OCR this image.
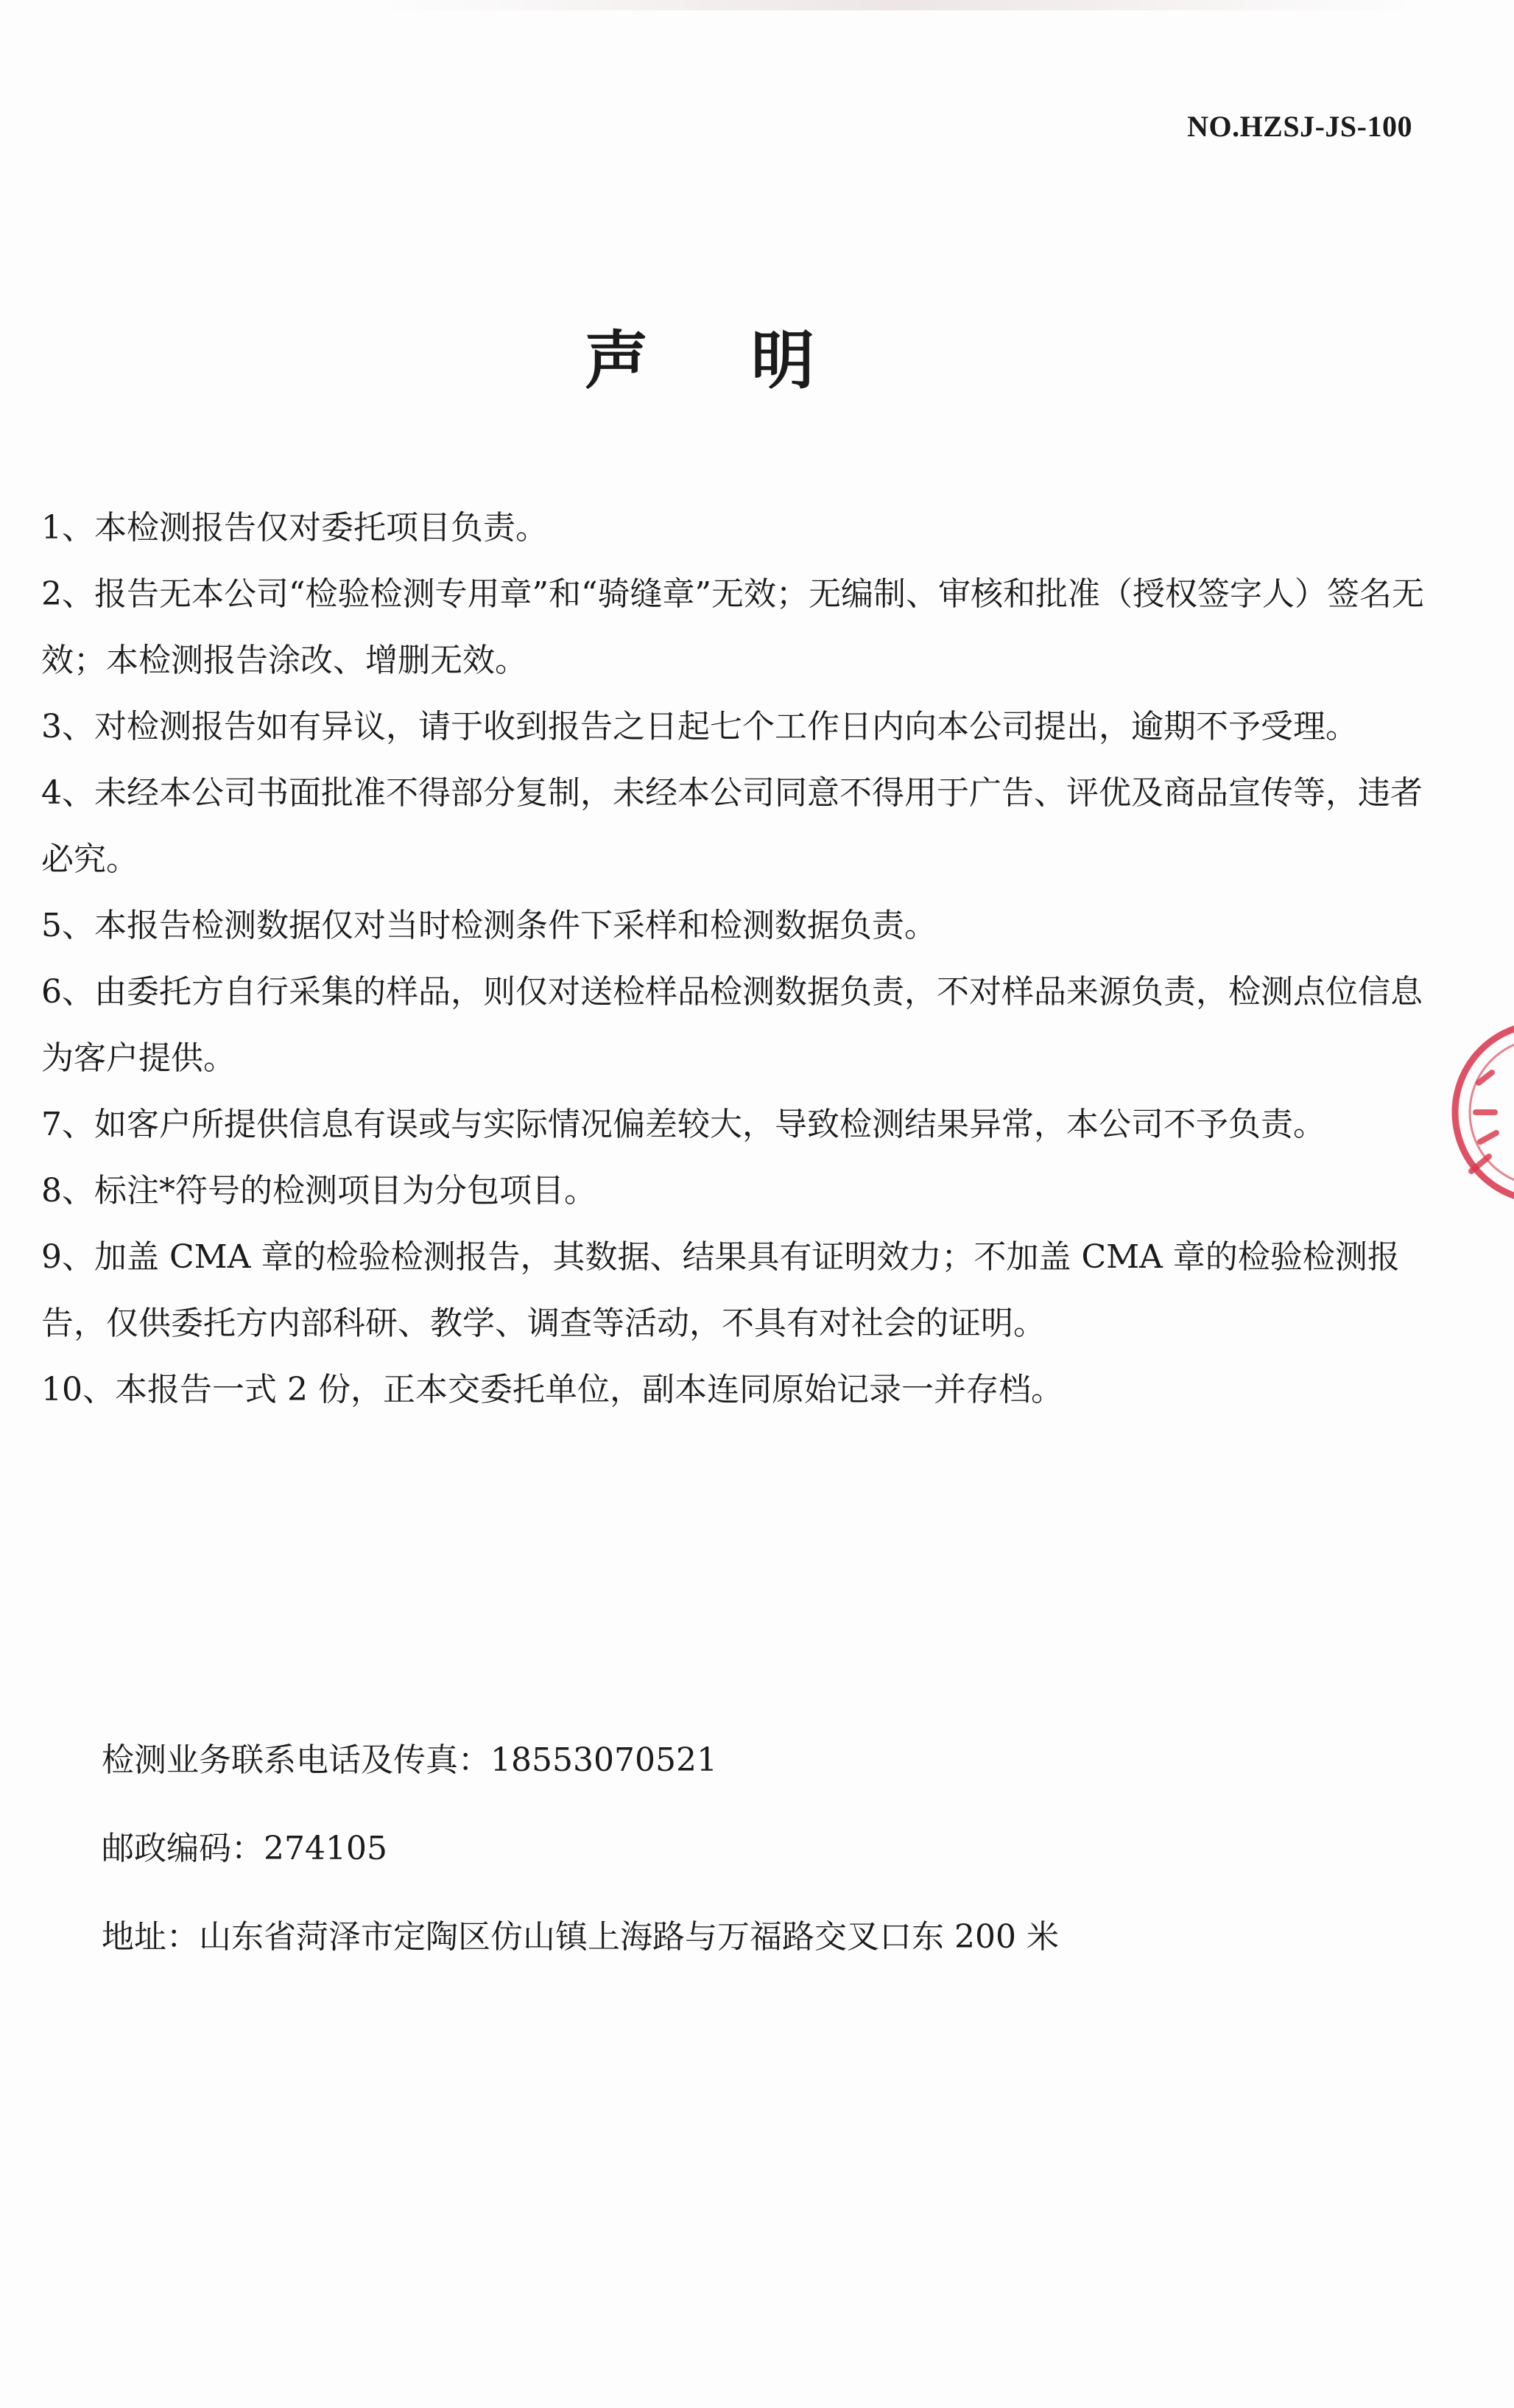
NO.HZSJ-JS-100
声明
1、本检测报告仅对委托项目负责。
2、报告无本公司“检验检测专用章”和“骑缝章”无效；无编制、审核和批准（授权签字人）签名无效；本检测报告涂改、增删无效。
3、对检测报告如有异议，请于收到报告之日起七个工作日内向本公司提出，逾期不予受理。
4、未经本公司书面批准不得部分复制，未经本公司同意不得用于广告、评优及商品宣传等，违者必究。
5、本报告检测数据仅对当时检测条件下采样和检测数据负责。
6、由委托方自行采集的样品，则仅对送检样品检测数据负责，不对样品来源负责，检测点位信息为客户提供。
7、如客户所提供信息有误或与实际情况偏差较大，导致检测结果异常，本公司不予负责。
8、标注*符号的检测项目为分包项目。
9、加盖 CMA 章的检验检测报告，其数据、结果具有证明效力；不加盖 CMA 章的检验检测报告，仅供委托方内部科研、教学、调查等活动，不具有对社会的证明。
10、本报告一式 2 份，正本交委托单位，副本连同原始记录一并存档。
检测业务联系电话及传真：18553070521
邮政编码：274105
地址：山东省菏泽市定陶区仿山镇上海路与万福路交叉口东 200 米
